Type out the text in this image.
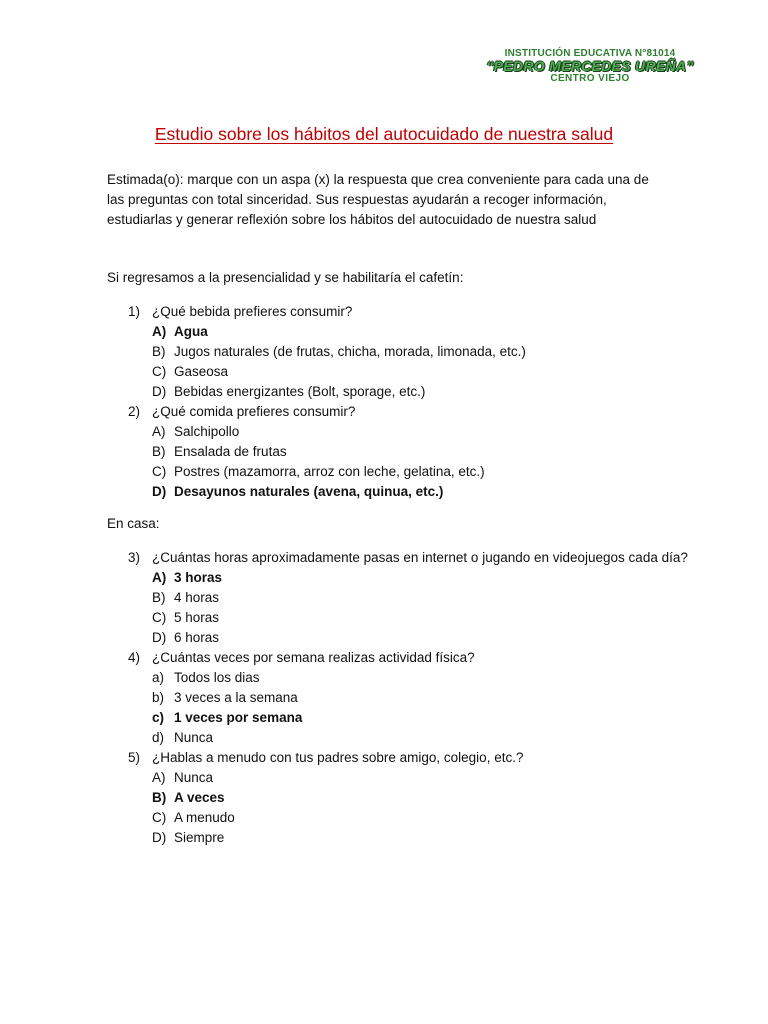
INSTITUCIÓN EDUCATIVA N°81014
“PEDRO MERCEDES UREÑA”
CENTRO VIEJO
Estudio sobre los hábitos del autocuidado de nuestra salud

Estimada(o): marque con un aspa (x) la respuesta que crea conveniente para cada una de

las preguntas con total sinceridad. Sus respuestas ayudarán a recoger información,

estudiarlas y generar reflexión sobre los hábitos del autocuidado de nuestra salud

Si regresamos a la presencialidad y se habilitaría el cafetín:

1) ¿Qué bebida prefieres consumir?
A) Agua
B) Jugos naturales (de frutas, chicha, morada, limonada, etc.)
C) Gaseosa
D) Bebidas energizantes (Bolt, sporage, etc.)
2) ¿Qué comida prefieres consumir?
A) Salchipollo
B) Ensalada de frutas
C) Postres (mazamorra, arroz con leche, gelatina, etc.)
D) Desayunos naturales (avena, quinua, etc.)

En casa:

3) ¿Cuántas horas aproximadamente pasas en internet o jugando en videojuegos cada día?
A) 3 horas
B) 4 horas
C) 5 horas
D) 6 horas
4) ¿Cuántas veces por semana realizas actividad física?
a) Todos los dias
b) 3 veces a la semana
c) 1 veces por semana
d) Nunca
5) ¿Hablas a menudo con tus padres sobre amigo, colegio, etc.?
A) Nunca
B) A veces
C) A menudo
D) Siempre
